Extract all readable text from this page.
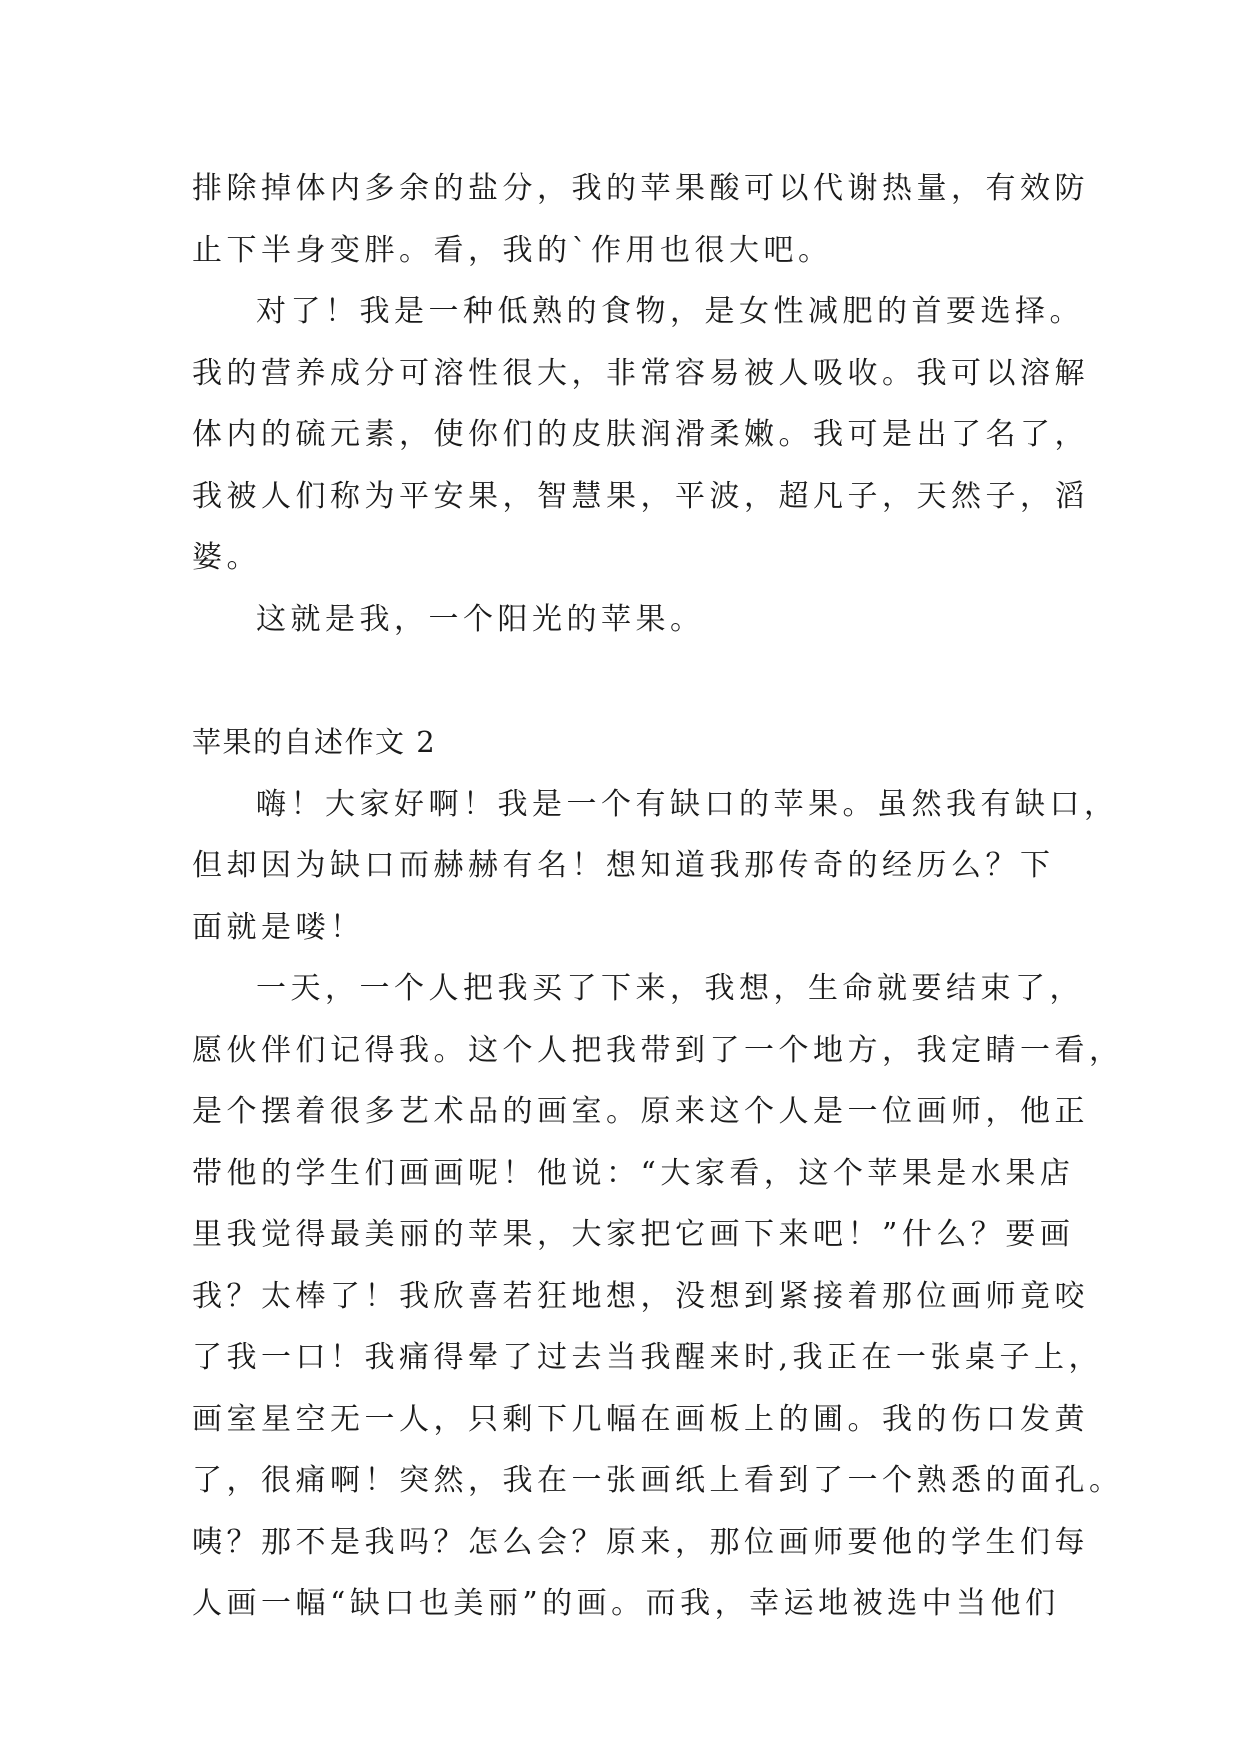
排除掉体内多余的盐分，我的苹果酸可以代谢热量，有效防
止下半身变胖。看，我的`作用也很大吧。
对了！我是一种低熟的食物，是女性减肥的首要选择。
我的营养成分可溶性很大，非常容易被人吸收。我可以溶解
体内的硫元素，使你们的皮肤润滑柔嫩。我可是出了名了，
我被人们称为平安果，智慧果，平波，超凡子，天然子，滔
婆。
这就是我，一个阳光的苹果。
苹果的自述作文 2
嗨！大家好啊！我是一个有缺口的苹果。虽然我有缺口，
但却因为缺口而赫赫有名！想知道我那传奇的经历么？下
面就是喽！
一天，一个人把我买了下来，我想，生命就要结束了，
愿伙伴们记得我。这个人把我带到了一个地方，我定睛一看，
是个摆着很多艺术品的画室。原来这个人是一位画师，他正
带他的学生们画画呢！他说：“大家看，这个苹果是水果店
里我觉得最美丽的苹果，大家把它画下来吧！”什么？要画
我？太棒了！我欣喜若狂地想，没想到紧接着那位画师竟咬
了我一口！我痛得晕了过去当我醒来时,我正在一张桌子上，
画室星空无一人，只剩下几幅在画板上的圃。我的伤口发黄
了，很痛啊！突然，我在一张画纸上看到了一个熟悉的面孔。
咦？那不是我吗？怎么会？原来，那位画师要他的学生们每
人画一幅“缺口也美丽”的画。而我，幸运地被选中当他们
